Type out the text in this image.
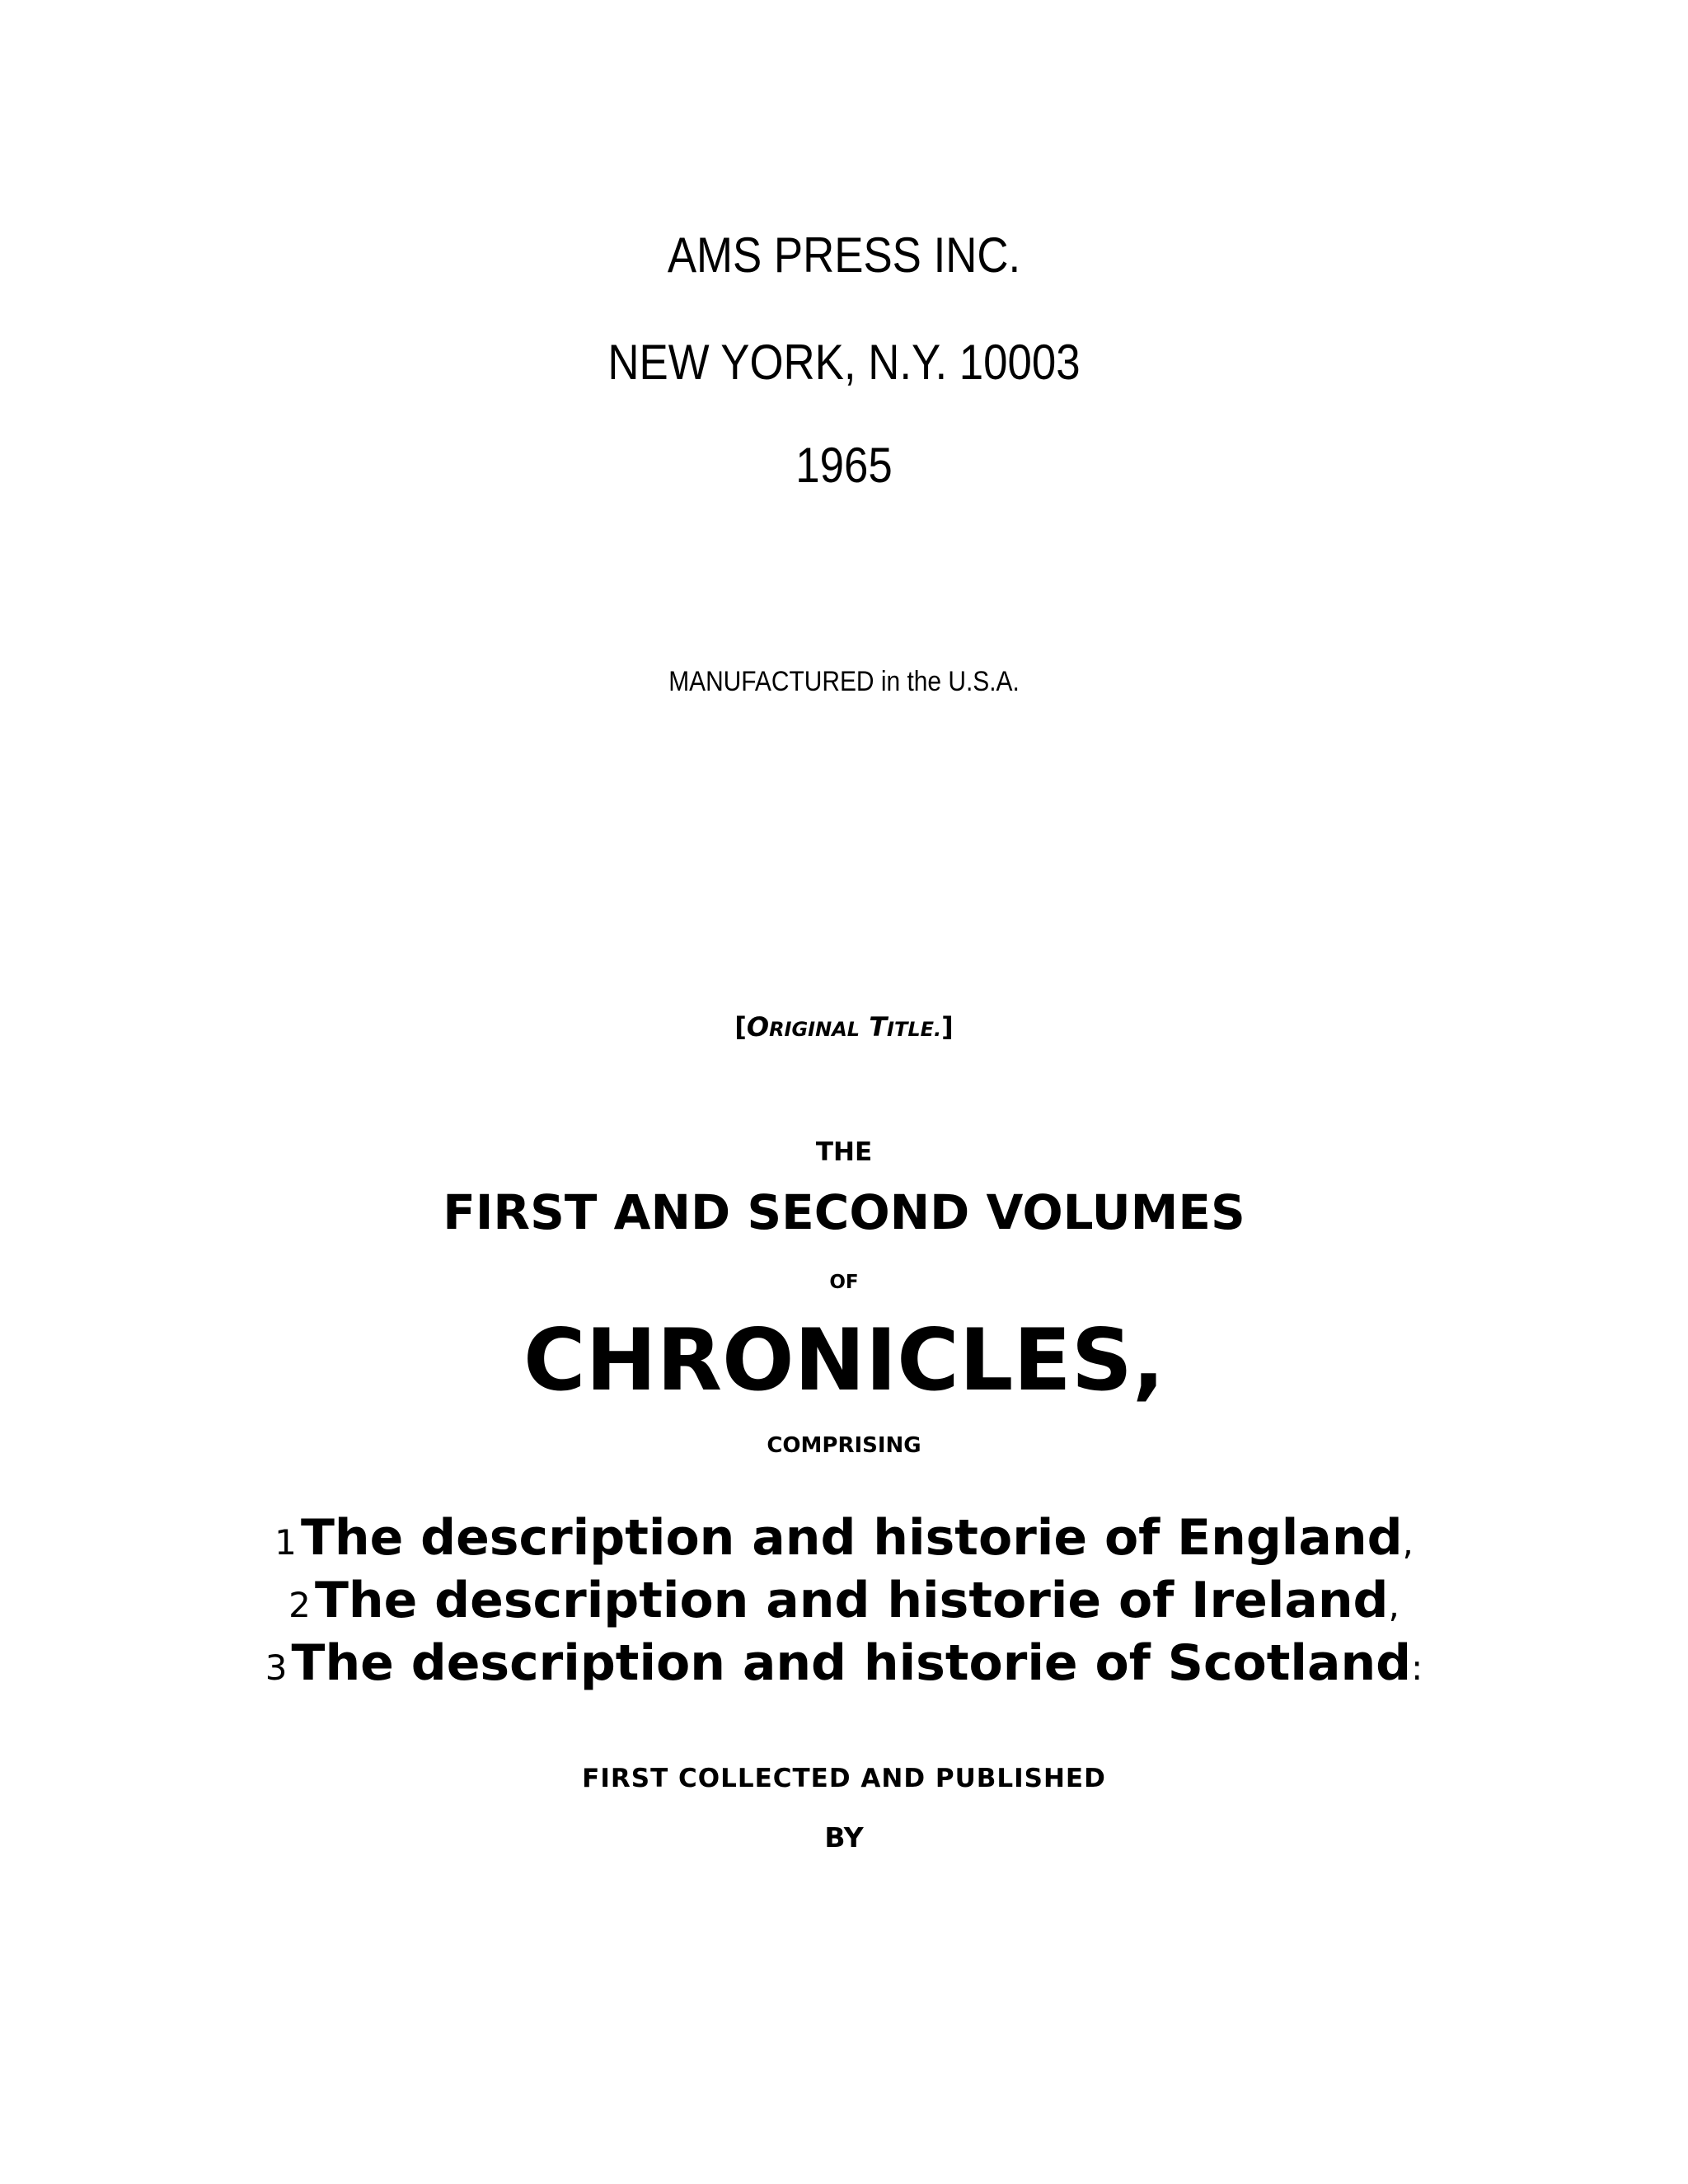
AMS PRESS INC.
NEW YORK, N.Y. 10003
1965
MANUFACTURED in the U.S.A.
[ORIGINAL TITLE.]
THE
FIRST AND SECOND VOLUMES
OF
CHRONICLES,
COMPRISING
1 The description and historie of England,
2 The description and historie of Ireland,
3 The description and historie of Scotland:
FIRST COLLECTED AND PUBLISHED
BY
